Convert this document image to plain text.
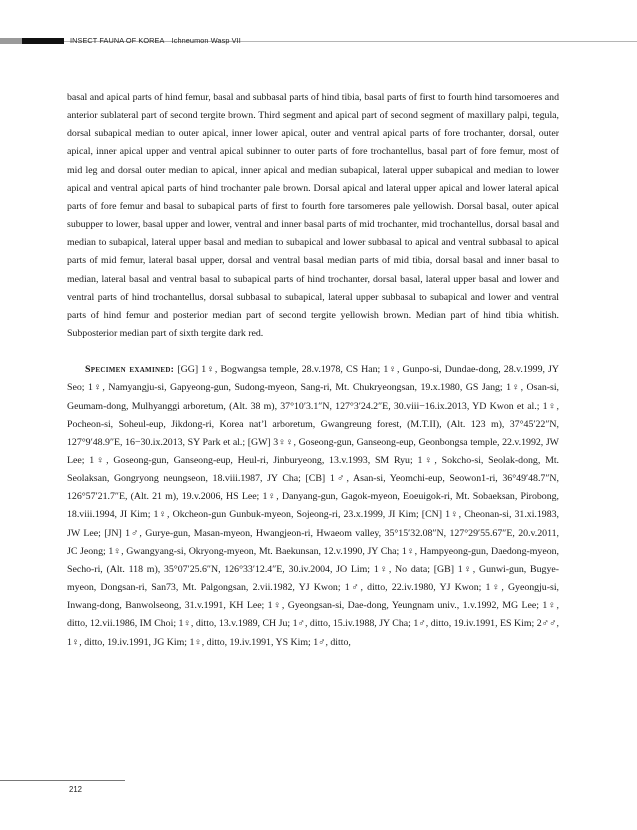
INSECT FAUNA OF KOREA Ichneumon Wasp VII

basal and apical parts of hind femur, basal and subbasal parts of hind tibia, basal parts of first to fourth hind tarsomoeres and anterior sublateral part of second tergite brown. Third segment and apical part of second segment of maxillary palpi, tegula, dorsal subapical median to outer apical, inner lower apical, outer and ventral apical parts of fore trochanter, dorsal, outer apical, inner apical upper and ventral apical subinner to outer parts of fore trochantellus, basal part of fore femur, most of mid leg and dorsal outer median to apical, inner apical and median subapical, lateral upper subapical and median to lower apical and ventral apical parts of hind trochanter pale brown. Dorsal apical and lateral upper apical and lower lateral apical parts of fore femur and basal to subapical parts of first to fourth fore tarsomeres pale yellowish. Dorsal basal, outer apical subupper to lower, basal upper and lower, ventral and inner basal parts of mid trochanter, mid trochantellus, dorsal basal and median to subapical, lateral upper basal and median to subapical and lower subbasal to apical and ventral subbasal to apical parts of mid femur, lateral basal upper, dorsal and ventral basal median parts of mid tibia, dorsal basal and inner basal to median, lateral basal and ventral basal to subapical parts of hind trochanter, dorsal basal, lateral upper basal and lower and ventral parts of hind trochantellus, dorsal subbasal to subapical, lateral upper subbasal to subapical and lower and ventral parts of hind femur and posterior median part of second tergite yellowish brown. Median part of hind tibia whitish. Subposterior median part of sixth tergite dark red.

Specimen examined: [GG] 1♀, Bogwangsa temple, 28.v.1978, CS Han; 1♀, Gunpo-si, Dundae-dong, 28.v.1999, JY Seo; 1♀, Namyangju-si, Gapyeong-gun, Sudong-myeon, Sang-ri, Mt. Chukryeongsan, 19.x.1980, GS Jang; 1♀, Osan-si, Geumam-dong, Mulhyanggi arboretum, (Alt. 38 m), 37°10′3.1″N, 127°3′24.2″E, 30.viii−16.ix.2013, YD Kwon et al.; 1♀, Pocheon-si, Soheul-eup, Jikdong-ri, Korea nat’l arboretum, Gwangreung forest, (M.T.II), (Alt. 123 m), 37°45′22″N, 127°9′48.9″E, 16−30.ix.2013, SY Park et al.; [GW] 3♀♀, Goseong-gun, Ganseong-eup, Geonbongsa temple, 22.v.1992, JW Lee; 1♀, Goseong-gun, Ganseong-eup, Heul-ri, Jinburyeong, 13.v.1993, SM Ryu; 1♀, Sokcho-si, Seolak-dong, Mt. Seolaksan, Gongryong neungseon, 18.viii.1987, JY Cha; [CB] 1♂, Asan-si, Yeomchi-eup, Seowon1-ri, 36°49′48.7″N, 126°57′21.7″E, (Alt. 21 m), 19.v.2006, HS Lee; 1♀, Danyang-gun, Gagok-myeon, Eoeuigok-ri, Mt. Sobaeksan, Pirobong, 18.viii.1994, JI Kim; 1♀, Okcheon-gun Gunbuk-myeon, Sojeong-ri, 23.x.1999, JI Kim; [CN] 1♀, Cheonan-si, 31.xi.1983, JW Lee; [JN] 1♂, Gurye-gun, Masan-myeon, Hwangjeon-ri, Hwaeom valley, 35°15′32.08″N, 127°29′55.67″E, 20.v.2011, JC Jeong; 1♀, Gwangyang-si, Okryong-myeon, Mt. Baekunsan, 12.v.1990, JY Cha; 1♀, Hampyeong-gun, Daedong-myeon, Secho-ri, (Alt. 118 m), 35°07′25.6″N, 126°33′12.4″E, 30.iv.2004, JO Lim; 1♀, No data; [GB] 1♀, Gunwi-gun, Bugye-myeon, Dongsan-ri, San73, Mt. Palgongsan, 2.vii.1982, YJ Kwon; 1♂, ditto, 22.iv.1980, YJ Kwon; 1♀, Gyeongju-si, Inwang-dong, Banwolseong, 31.v.1991, KH Lee; 1♀, Gyeongsan-si, Dae-dong, Yeungnam univ., 1.v.1992, MG Lee; 1♀, ditto, 12.vii.1986, IM Choi; 1♀, ditto, 13.v.1989, CH Ju; 1♂, ditto, 15.iv.1988, JY Cha; 1♂, ditto, 19.iv.1991, ES Kim; 2♂♂, 1♀, ditto, 19.iv.1991, JG Kim; 1♀, ditto, 19.iv.1991, YS Kim; 1♂, ditto,

212
